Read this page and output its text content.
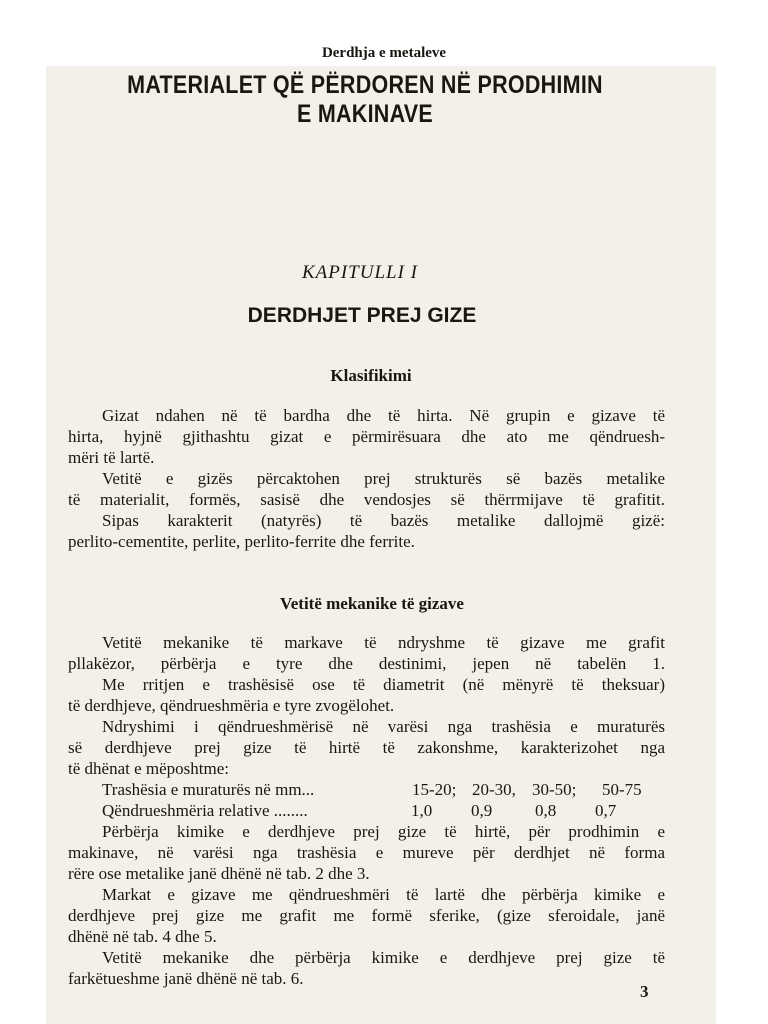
Derdhja e metaleve
MATERIALET QË PËRDOREN NË PRODHIMIN
E MAKINAVE
KAPITULLI I
DERDHJET PREJ GIZE
Klasifikimi
Gizat ndahen në të bardha dhe të hirta. Në grupin e gizave të
hirta, hyjnë gjithashtu gizat e përmirësuara dhe ato me qëndruesh-
mëri të lartë.
Vetitë e gizës përcaktohen prej strukturës së bazës metalike
të materialit, formës, sasisë dhe vendosjes së thërrmijave të grafitit.
Sipas karakterit (natyrës) të bazës metalike dallojmë gizë:
perlito-cementite, perlite, perlito-ferrite dhe ferrite.
Vetitë mekanike të gizave
Vetitë mekanike të markave të ndryshme të gizave me grafit
pllakëzor, përbërja e tyre dhe destinimi, jepen në tabelën 1.
Me rritjen e trashësisë ose të diametrit (në mënyrë të theksuar)
të derdhjeve, qëndrueshmëria e tyre zvogëlohet.
Ndryshimi i qëndrueshmërisë në varësi nga trashësia e muraturës
së derdhjeve prej gize të hirtë të zakonshme, karakterizohet nga
të dhënat e mëposhtme:
Trashësia e muraturës në mm...	15-20; 20-30, 30-50; 50-75
Qëndrueshmëria relative ........	1,0 0,9	0,8 0,7
Përbërja kimike e derdhjeve prej gize të hirtë, për prodhimin e
makinave, në varësi nga trashësia e mureve për derdhjet në forma
rëre ose metalike janë dhënë në tab. 2 dhe 3.
Markat e gizave me qëndrueshmëri të lartë dhe përbërja kimike e
derdhjeve prej gize me grafit me formë sferike, (gize sferoidale, janë
dhënë në tab. 4 dhe 5.
Vetitë mekanike dhe përbërja kimike e derdhjeve prej gize të
farkëtueshme janë dhënë në tab. 6.
3
